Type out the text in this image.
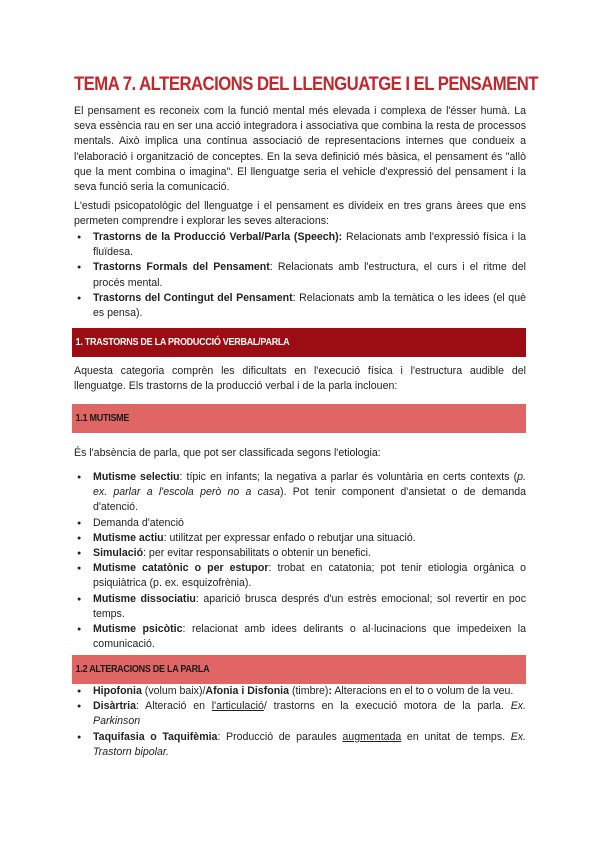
TEMA 7. ALTERACIONS DEL LLENGUATGE I EL PENSAMENT

El pensament es reconeix com la funció mental més elevada i complexa de l'ésser humà. La seva essència rau en ser una acció integradora i associativa que combina la resta de processos mentals. Això implica una contínua associació de representacions internes que condueix a l'elaboració i organització de conceptes. En la seva definició més bàsica, el pensament és "allò que la ment combina o imagina". El llenguatge seria el vehicle d'expressió del pensament i la seva funció seria la comunicació.

L'estudi psicopatològic del llenguatge i el pensament es divideix en tres grans àrees que ens permeten comprendre i explorar les seves alteracions:

● Trastorns de la Producció Verbal/Parla (Speech): Relacionats amb l'expressió física i la fluïdesa.
● Trastorns Formals del Pensament: Relacionats amb l'estructura, el curs i el ritme del procés mental.
● Trastorns del Contingut del Pensament: Relacionats amb la temàtica o les idees (el què es pensa).
1. TRASTORNS DE LA PRODUCCIÓ VERBAL/PARLA

Aquesta categoria comprèn les dificultats en l'execució física i l'estructura audible del llenguatge. Els trastorns de la producció verbal i de la parla inclouen:

1.1 MUTISME

És l'absència de parla, que pot ser classificada segons l'etiologia:

● Mutisme selectiu: típic en infants; la negativa a parlar és voluntària en certs contexts (p. ex. parlar a l'escola però no a casa). Pot tenir component d'ansietat o de demanda d'atenció.
● Demanda d'atenció
● Mutisme actiu: utilitzat per expressar enfado o rebutjar una situació.
● Simulació: per evitar responsabilitats o obtenir un benefici.
● Mutisme catatònic o per estupor: trobat en catatonia; pot tenir etiologia orgànica o psiquiàtrica (p. ex. esquizofrènia).
● Mutisme dissociatiu: aparició brusca després d'un estrès emocional; sol revertir en poc temps.
● Mutisme psicòtic: relacionat amb idees delirants o al·lucinacions que impedeixen la comunicació.
1.2 ALTERACIONS DE LA PARLA
● Hipofonia (volum baix)/Afonia i Disfonia (timbre): Alteracions en el to o volum de la veu.
● Disàrtria: Alteració en l'articulació/ trastorns en la execució motora de la parla. Ex. Parkinson
● Taquifasia o Taquifèmia: Producció de paraules augmentada en unitat de temps. Ex. Trastorn bipolar.
